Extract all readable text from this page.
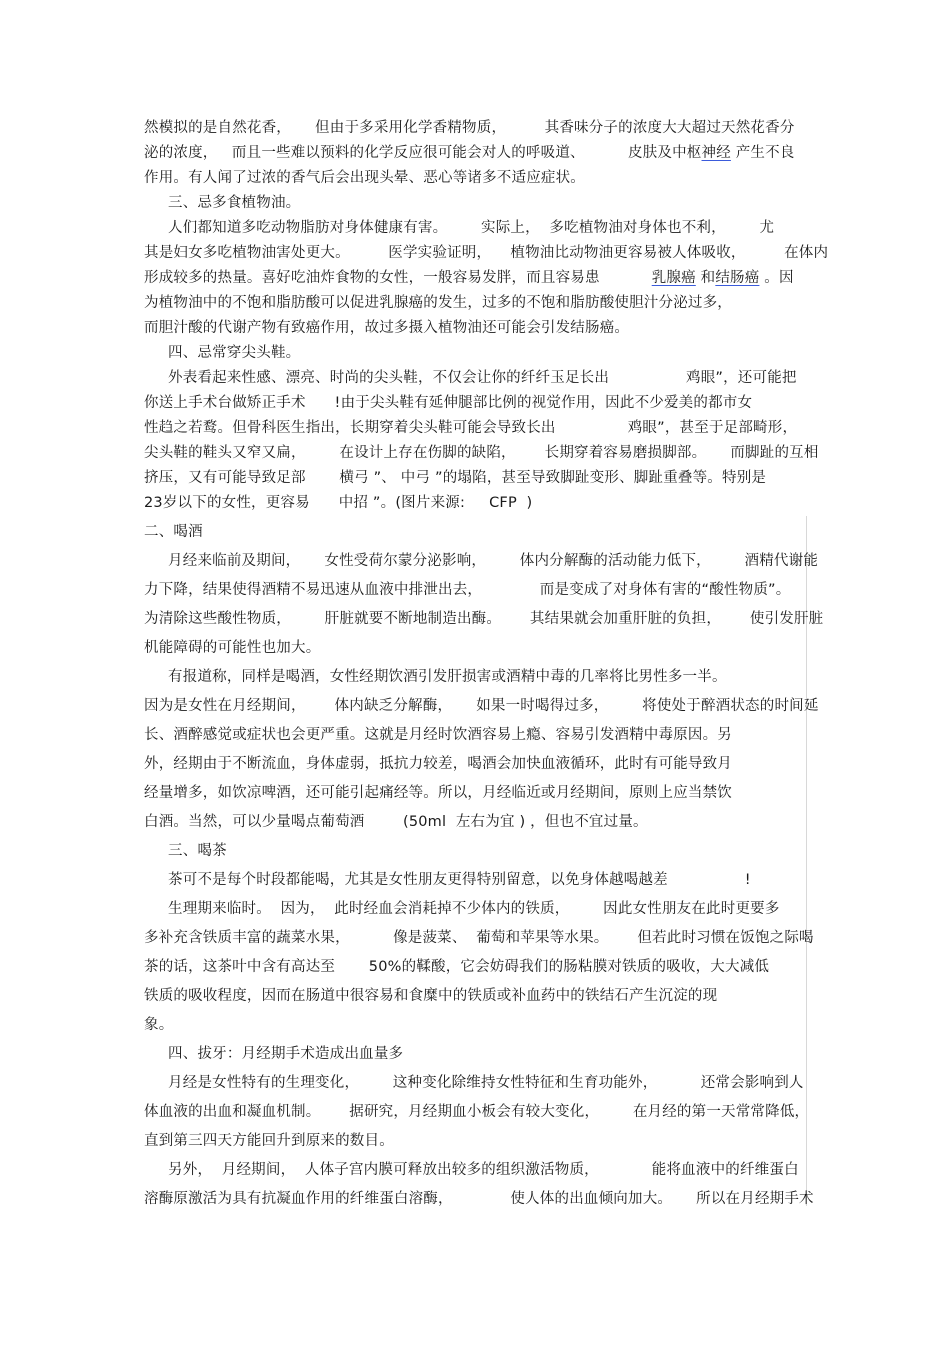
然模拟的是自然花香，     但由于多采用化学香精物质，        其香味分子的浓度大大超过天然花香分
泌的浓度，   而且一些难以预料的化学反应很可能会对人的呼吸道、         皮肤及中枢神经 产生不良
作用。有人闻了过浓的香气后会出现头晕、恶心等诸多不适应症状。
三、忌多食植物油。
人们都知道多吃动物脂肪对身体健康有害。       实际上，  多吃植物油对身体也不利，       尤
其是妇女多吃植物油害处更大。        医学实验证明，    植物油比动物油更容易被人体吸收，        在体内
形成较多的热量。喜好吃油炸食物的女性，一般容易发胖，而且容易患	乳腺癌 和结肠癌 。因
为植物油中的不饱和脂肪酸可以促进乳腺癌的发生，过多的不饱和脂肪酸使胆汁分泌过多，
而胆汁酸的代谢产物有致癌作用，故过多摄入植物油还可能会引发结肠癌。
四、忌常穿尖头鞋。
外表看起来性感、漂亮、时尚的尖头鞋，不仅会让你的纤纤玉足长出                鸡眼”，还可能把
你送上手术台做矫正手术      !由于尖头鞋有延伸腿部比例的视觉作用，因此不少爱美的都市女
性趋之若鹜。但骨科医生指出，长期穿着尖头鞋可能会导致长出               鸡眼”，甚至于足部畸形，
尖头鞋的鞋头又窄又扁，       在设计上存在伤脚的缺陷，      长期穿着容易磨损脚部。     而脚趾的互相
挤压，又有可能导致足部       横弓 ”、 中弓 ”的塌陷，甚至导致脚趾变形、脚趾重叠等。特别是
23岁以下的女性，更容易      中招 ”。(图片来源:     CFP  )
二、喝酒
月经来临前及期间，     女性受荷尔蒙分泌影响，       体内分解酶的活动能力低下，       酒精代谢能
力下降，结果使得酒精不易迅速从血液中排泄出去，            而是变成了对身体有害的“酸性物质”。
为清除这些酸性物质，       肝脏就要不断地制造出酶。      其结果就会加重肝脏的负担，      使引发肝脏
机能障碍的可能性也加大。
有报道称，同样是喝酒，女性经期饮酒引发肝损害或酒精中毒的几率将比男性多一半。
因为是女性在月经期间，      体内缺乏分解酶，     如果一时喝得过多，       将使处于醉酒状态的时间延
长、酒醉感觉或症状也会更严重。这就是月经时饮酒容易上瘾、容易引发酒精中毒原因。另
外，经期由于不断流血，身体虚弱，抵抗力较差，喝酒会加快血液循环，此时有可能导致月
经量增多，如饮凉啤酒，还可能引起痛经等。所以，月经临近或月经期间，原则上应当禁饮
白酒。当然，可以少量喝点葡萄酒        (50ml  左右为宜 ) ，但也不宜过量。
三、喝茶
茶可不是每个时段都能喝，尤其是女性朋友更得特别留意，以免身体越喝越差                !
生理期来临时。  因为，  此时经血会消耗掉不少体内的铁质，       因此女性朋友在此时更要多
多补充含铁质丰富的蔬菜水果，         像是菠菜、  葡萄和苹果等水果。      但若此时习惯在饭饱之际喝
茶的话，这茶叶中含有高达至       50%的鞣酸，它会妨碍我们的肠粘膜对铁质的吸收，大大减低
铁质的吸收程度，因而在肠道中很容易和食糜中的铁质或补血药中的铁结石产生沉淀的现
象。
四、拔牙：月经期手术造成出血量多
月经是女性特有的生理变化，       这种变化除维持女性特征和生育功能外，         还常会影响到人
体血液的出血和凝血机制。      据研究，月经期血小板会有较大变化，       在月经的第一天常常降低，
直到第三四天方能回升到原来的数目。
另外，  月经期间，  人体子宫内膜可释放出较多的组织激活物质，           能将血液中的纤维蛋白
溶酶原激活为具有抗凝血作用的纤维蛋白溶酶，            使人体的出血倾向加大。     所以在月经期手术
